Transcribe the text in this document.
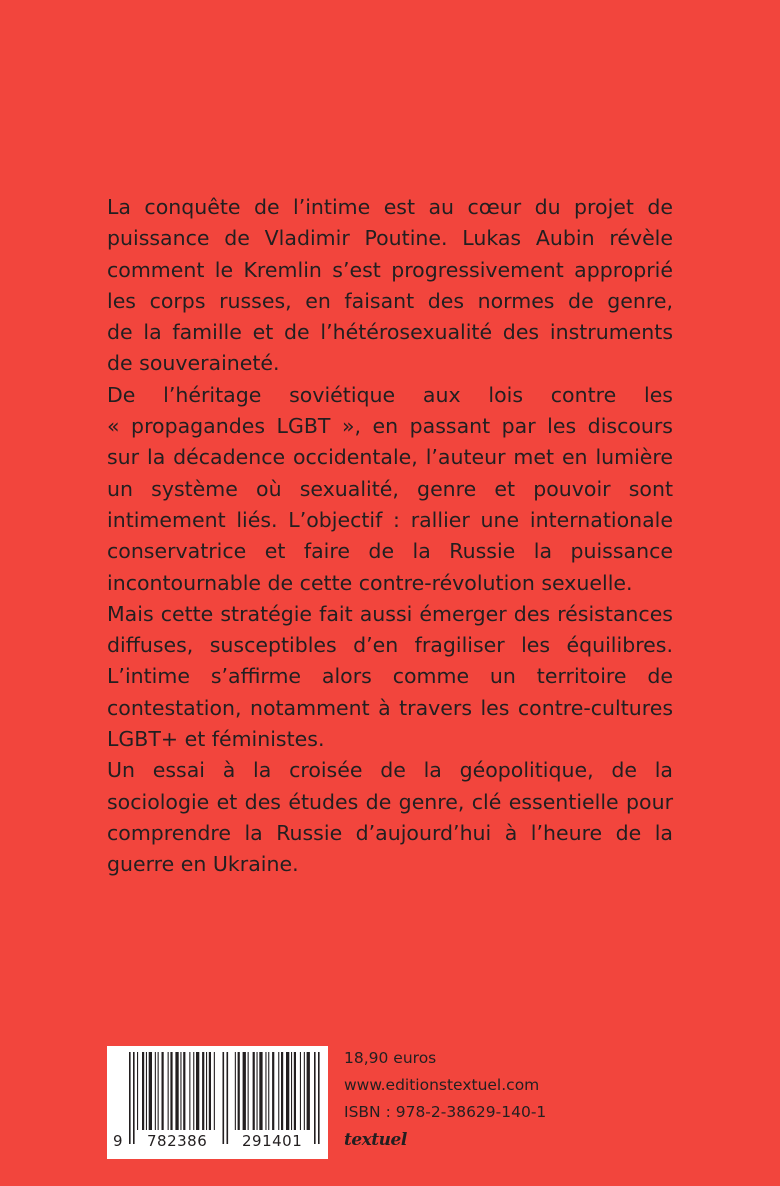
La conquête de l’intime est au cœur du projet de
puissance de Vladimir Poutine. Lukas Aubin révèle
comment le Kremlin s’est progressivement approprié
les corps russes, en faisant des normes de genre,
de la famille et de l’hétérosexualité des instruments
de souveraineté.

De l’héritage soviétique aux lois contre les
« propagandes LGBT », en passant par les discours
sur la décadence occidentale, l’auteur met en lumière
un système où sexualité, genre et pouvoir sont
intimement liés. L’objectif : rallier une internationale
conservatrice et faire de la Russie la puissance
incontournable de cette contre-révolution sexuelle.

Mais cette stratégie fait aussi émerger des résistances
diffuses, susceptibles d’en fragiliser les équilibres.
L’intime s’affirme alors comme un territoire de
contestation, notamment à travers les contre-cultures
LGBT+ et féministes.

Un essai à la croisée de la géopolitique, de la
sociologie et des études de genre, clé essentielle pour
comprendre la Russie d’aujourd’hui à l’heure de la
guerre en Ukraine.

9 782386 291401
18,90 euros
www.editionstextuel.com
ISBN : 978-2-38629-140-1
textuel
